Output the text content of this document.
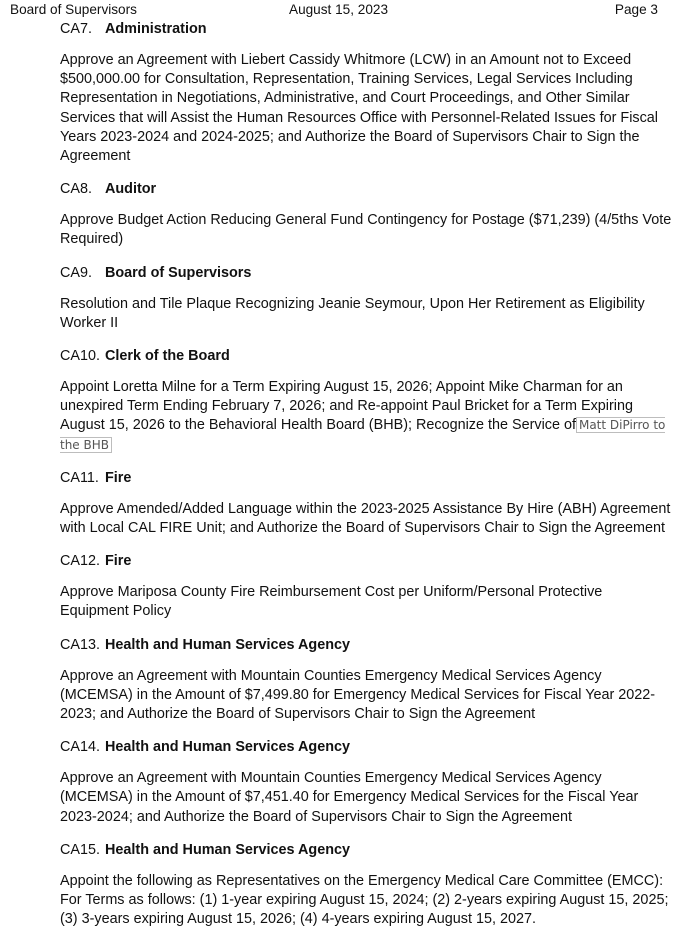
Board of Supervisors	August 15, 2023	Page 3
CA7. Administration

Approve an Agreement with Liebert Cassidy Whitmore (LCW) in an Amount not to Exceed $500,000.00 for Consultation, Representation, Training Services, Legal Services Including Representation in Negotiations, Administrative, and Court Proceedings, and Other Similar Services that will Assist the Human Resources Office with Personnel-Related Issues for Fiscal Years 2023-2024 and 2024-2025; and Authorize the Board of Supervisors Chair to Sign the Agreement

CA8. Auditor

Approve Budget Action Reducing General Fund Contingency for Postage ($71,239) (4/5ths Vote Required)

CA9. Board of Supervisors

Resolution and Tile Plaque Recognizing Jeanie Seymour, Upon Her Retirement as Eligibility Worker II

CA10. Clerk of the Board

Appoint Loretta Milne for a Term Expiring August 15, 2026; Appoint Mike Charman for an unexpired Term Ending February 7, 2026; and Re-appoint Paul Bricket for a Term Expiring August 15, 2026 to the Behavioral Health Board (BHB); Recognize the Service of Matt DiPirro to the BHB

CA11. Fire

Approve Amended/Added Language within the 2023-2025 Assistance By Hire (ABH) Agreement with Local CAL FIRE Unit; and Authorize the Board of Supervisors Chair to Sign the Agreement

CA12. Fire

Approve Mariposa County Fire Reimbursement Cost per Uniform/Personal Protective Equipment Policy

CA13. Health and Human Services Agency

Approve an Agreement with Mountain Counties Emergency Medical Services Agency (MCEMSA) in the Amount of $7,499.80 for Emergency Medical Services for Fiscal Year 2022-2023; and Authorize the Board of Supervisors Chair to Sign the Agreement

CA14. Health and Human Services Agency

Approve an Agreement with Mountain Counties Emergency Medical Services Agency (MCEMSA) in the Amount of $7,451.40 for Emergency Medical Services for the Fiscal Year 2023-2024; and Authorize the Board of Supervisors Chair to Sign the Agreement

CA15. Health and Human Services Agency

Appoint the following as Representatives on the Emergency Medical Care Committee (EMCC): For Terms as follows: (1) 1-year expiring August 15, 2024; (2) 2-years expiring August 15, 2025; (3) 3-years expiring August 15, 2026; (4) 4-years expiring August 15, 2027.
